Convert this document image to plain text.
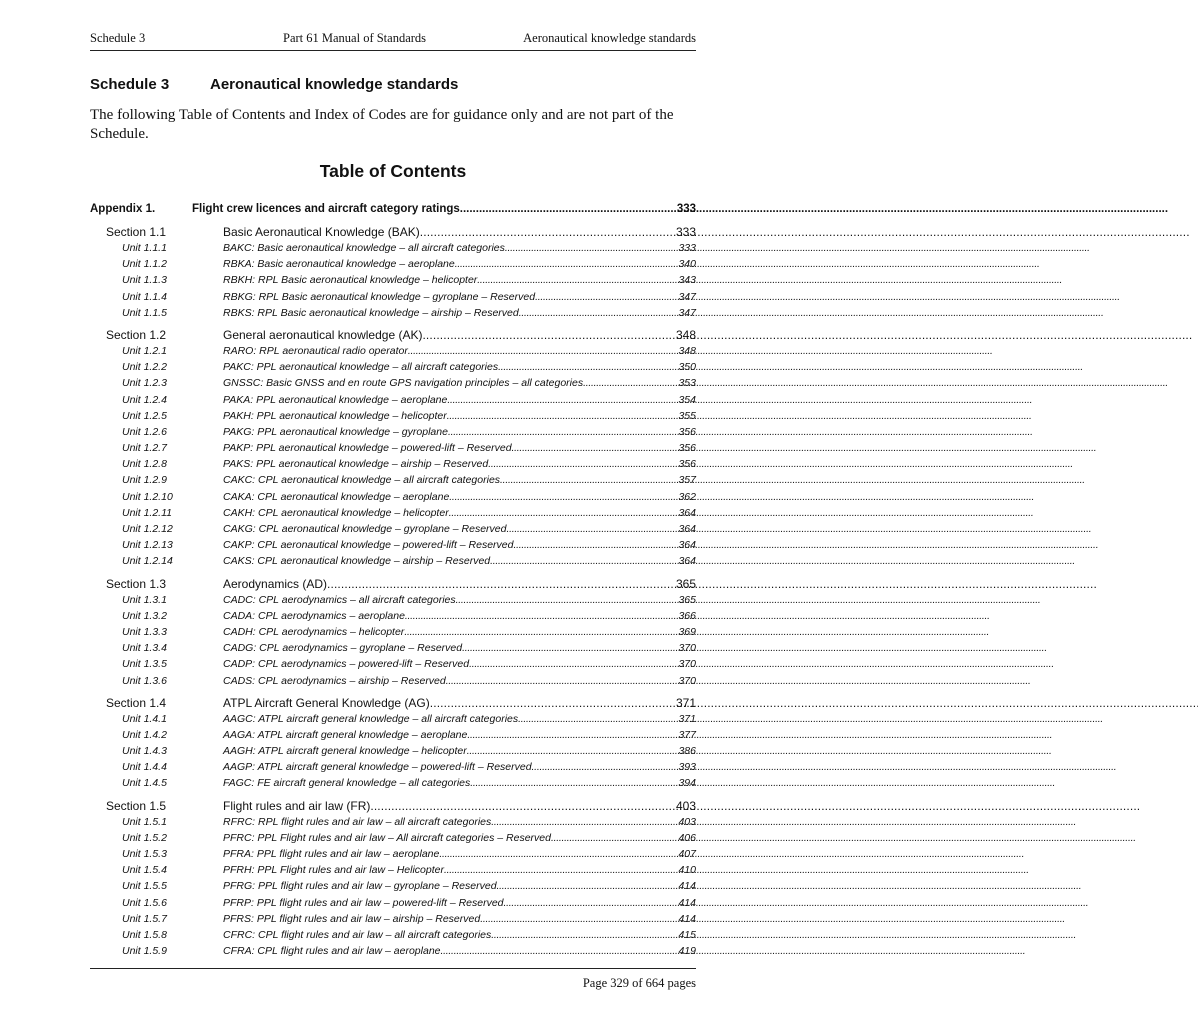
Schedule 3	Part 61 Manual of Standards	Aeronautical knowledge standards
Schedule 3	Aeronautical knowledge standards
The following Table of Contents and Index of Codes are for guidance only and are not part of the Schedule.
Table of Contents
Appendix 1.	Flight crew licences and aircraft category ratings . . .	333
Section 1.1	Basic Aeronautical Knowledge (BAK) . . .	333
Unit 1.1.1	BAKC: Basic aeronautical knowledge – all aircraft categories . . .	333
Unit 1.1.2	RBKA: Basic aeronautical knowledge – aeroplane . . .	340
Unit 1.1.3	RBKH: RPL Basic aeronautical knowledge – helicopter . . .	343
Unit 1.1.4	RBKG: RPL Basic aeronautical knowledge – gyroplane – Reserved . . .	347
Unit 1.1.5	RBKS: RPL Basic aeronautical knowledge – airship – Reserved . . .	347
Section 1.2	General aeronautical knowledge (AK) . . .	348
Unit 1.2.1	RARO: RPL aeronautical radio operator . . .	348
Unit 1.2.2	PAKC: PPL aeronautical knowledge – all aircraft categories . . .	350
Unit 1.2.3	GNSSC: Basic GNSS and en route GPS navigation principles – all categories . . .	353
Unit 1.2.4	PAKA: PPL aeronautical knowledge – aeroplane . . .	354
Unit 1.2.5	PAKH: PPL aeronautical knowledge – helicopter . . .	355
Unit 1.2.6	PAKG: PPL aeronautical knowledge – gyroplane . . .	356
Unit 1.2.7	PAKP: PPL aeronautical knowledge – powered-lift – Reserved . . .	356
Unit 1.2.8	PAKS: PPL aeronautical knowledge – airship – Reserved . . .	356
Unit 1.2.9	CAKC: CPL aeronautical knowledge – all aircraft categories . . .	357
Unit 1.2.10	CAKA: CPL aeronautical knowledge – aeroplane . . .	362
Unit 1.2.11	CAKH: CPL aeronautical knowledge – helicopter . . .	364
Unit 1.2.12	CAKG: CPL aeronautical knowledge – gyroplane – Reserved . . .	364
Unit 1.2.13	CAKP: CPL aeronautical knowledge – powered-lift – Reserved . . .	364
Unit 1.2.14	CAKS: CPL aeronautical knowledge – airship – Reserved . . .	364
Section 1.3	Aerodynamics (AD) . . .	365
Unit 1.3.1	CADC: CPL aerodynamics – all aircraft categories . . .	365
Unit 1.3.2	CADA: CPL aerodynamics – aeroplane . . .	366
Unit 1.3.3	CADH: CPL aerodynamics – helicopter . . .	369
Unit 1.3.4	CADG: CPL aerodynamics – gyroplane – Reserved . . .	370
Unit 1.3.5	CADP: CPL aerodynamics – powered-lift – Reserved . . .	370
Unit 1.3.6	CADS: CPL aerodynamics – airship – Reserved . . .	370
Section 1.4	ATPL Aircraft General Knowledge (AG) . . .	371
Unit 1.4.1	AAGC: ATPL aircraft general knowledge – all aircraft categories . . .	371
Unit 1.4.2	AAGA: ATPL aircraft general knowledge – aeroplane . . .	377
Unit 1.4.3	AAGH: ATPL aircraft general knowledge – helicopter . . .	386
Unit 1.4.4	AAGP: ATPL aircraft general knowledge – powered-lift – Reserved . . .	393
Unit 1.4.5	FAGC: FE aircraft general knowledge – all categories . . .	394
Section 1.5	Flight rules and air law (FR) . . .	403
Unit 1.5.1	RFRC: RPL flight rules and air law – all aircraft categories . . .	403
Unit 1.5.2	PFRC: PPL Flight rules and air law – All aircraft categories – Reserved . . .	406
Unit 1.5.3	PFRA: PPL flight rules and air law – aeroplane . . .	407
Unit 1.5.4	PFRH: PPL Flight rules and air law – Helicopter . . .	410
Unit 1.5.5	PFRG: PPL flight rules and air law – gyroplane – Reserved . . .	414
Unit 1.5.6	PFRP: PPL flight rules and air law – powered-lift – Reserved . . .	414
Unit 1.5.7	PFRS: PPL flight rules and air law – airship – Reserved . . .	414
Unit 1.5.8	CFRC: CPL flight rules and air law – all aircraft categories . . .	415
Unit 1.5.9	CFRA: CPL flight rules and air law – aeroplane . . .	419
Page 329 of 664 pages
